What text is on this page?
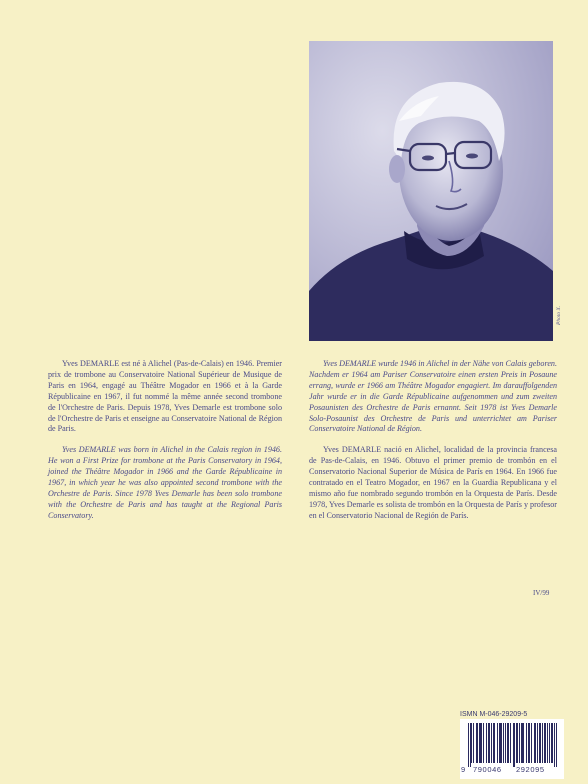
Photo X.

Yves DEMARLE est né à Alichel (Pas-de-Calais) en 1946. Premier prix de trombone au Conservatoire National Supérieur de Musique de Paris en 1964, engagé au Théâtre Mogador en 1966 et à la Garde Républicaine en 1967, il fut nommé la même année second trombone de l'Orchestre de Paris. Depuis 1978, Yves Demarle est trombone solo de l'Orchestre de Paris et enseigne au Conservatoire National de Région de Paris.

Yves DEMARLE was born in Alichel in the Calais region in 1946. He won a First Prize for trombone at the Paris Conservatory in 1964, joined the Théâtre Mogador in 1966 and the Garde Républicaine in 1967, in which year he was also appointed second trombone with the Orchestre de Paris. Since 1978 Yves Demarle has been solo trombone with the Orchestre de Paris and has taught at the Regional Paris Conservatory.

Yves DEMARLE wurde 1946 in Alichel in der Nähe von Calais geboren. Nachdem er 1964 am Pariser Conservatoire einen ersten Preis in Posaune errang, wurde er 1966 am Théâtre Mogador engagiert. Im darauffolgenden Jahr wurde er in die Garde Républicaine aufgenommen und zum zweiten Posaunisten des Orchestre de Paris ernannt. Seit 1978 ist Yves Demarle Solo-Posaunist des Orchestre de Paris und unterrichtet am Pariser Conservatoire National de Région.

Yves DEMARLE nació en Alichel, localidad de la provincia francesa de Pas-de-Calais, en 1946. Obtuvo el primer premio de trombón en el Conservatorio Nacional Superior de Música de París en 1964. En 1966 fue contratado en el Teatro Mogador, en 1967 en la Guardia Republicana y el mismo año fue nombrado segundo trombón en la Orquesta de París. Desde 1978, Yves Demarle es solista de trombón en la Orquesta de París y profesor en el Conservatorio Nacional de Región de París.

IV/99
ISMN M-046-29209-5
9 790046 292095
